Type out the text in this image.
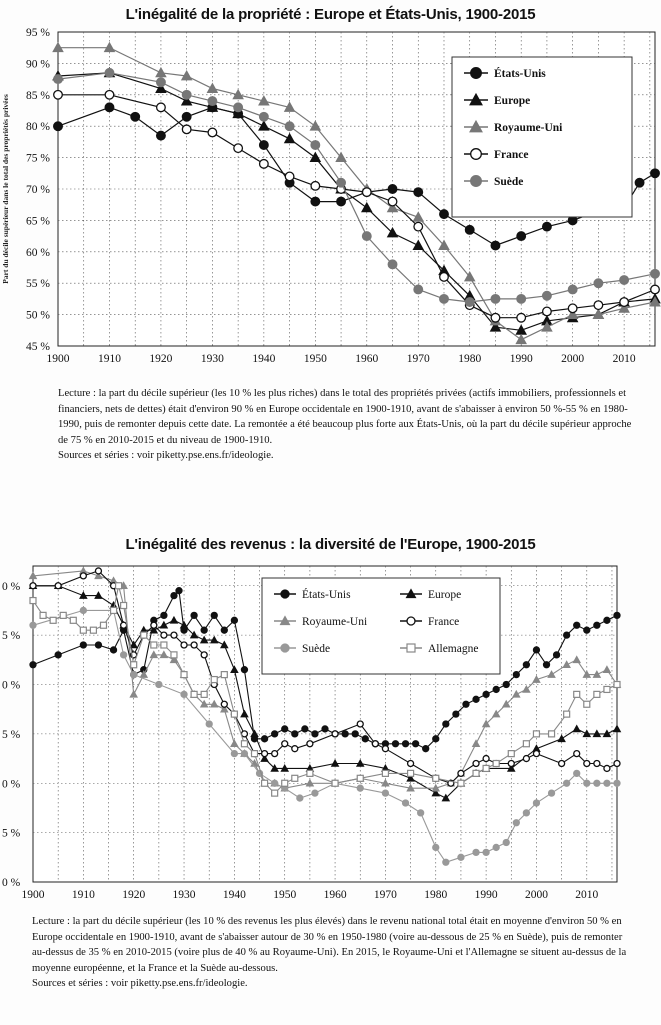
L'inégalité de la propriété : Europe et États-Unis, 1900-2015
1900 1910 1920 1930 1940 1950 1960 1970 1980 1990 2000 2010
45 %
50 %
55 %
60 %
65 %
70 %
75 %
80 %
85 %
90 %
95 %
Part du décile supérieur dans le total des propriétés privées
États-Unis
Europe
Royaume-Uni
France
Suède

Lecture : la part du décile supérieur (les 10 % les plus riches) dans le total des propriétés privées (actifs immobiliers, professionnels et financiers, nets de dettes) était d'environ 90 % en Europe occidentale en 1900-1910, avant de s'abaisser à environ 50 %-55 % en 1980-1990, puis de remonter depuis cette date. La remontée a été beaucoup plus forte aux États-Unis, où la part du décile supérieur approche de 75 % en 2010-2015 et du niveau de 1900-1910.

Sources et séries : voir piketty.pse.ens.fr/ideologie.

L'inégalité des revenus : la diversité de l'Europe, 1900-2015
1900 1910 1920 1930 1940 1950 1960 1970 1980 1990 2000 2010
0 %
5 %
0 %
5 %
0 %
5 %
0 %
États-Unis	Europe
Royaume-Uni	France
Suède	Allemagne

Lecture : la part du décile supérieur (les 10 % des revenus les plus élevés) dans le revenu national total était en moyenne d'environ 50 % en Europe occidentale en 1900-1910, avant de s'abaisser autour de 30 % en 1950-1980 (voire au-dessous de 25 % en Suède), puis de remonter au-dessus de 35 % en 2010-2015 (voire plus de 40 % au Royaume-Uni). En 2015, le Royaume-Uni et l'Allemagne se situent au-dessus de la moyenne européenne, et la France et la Suède au-dessous.

Sources et séries : voir piketty.pse.ens.fr/ideologie.
